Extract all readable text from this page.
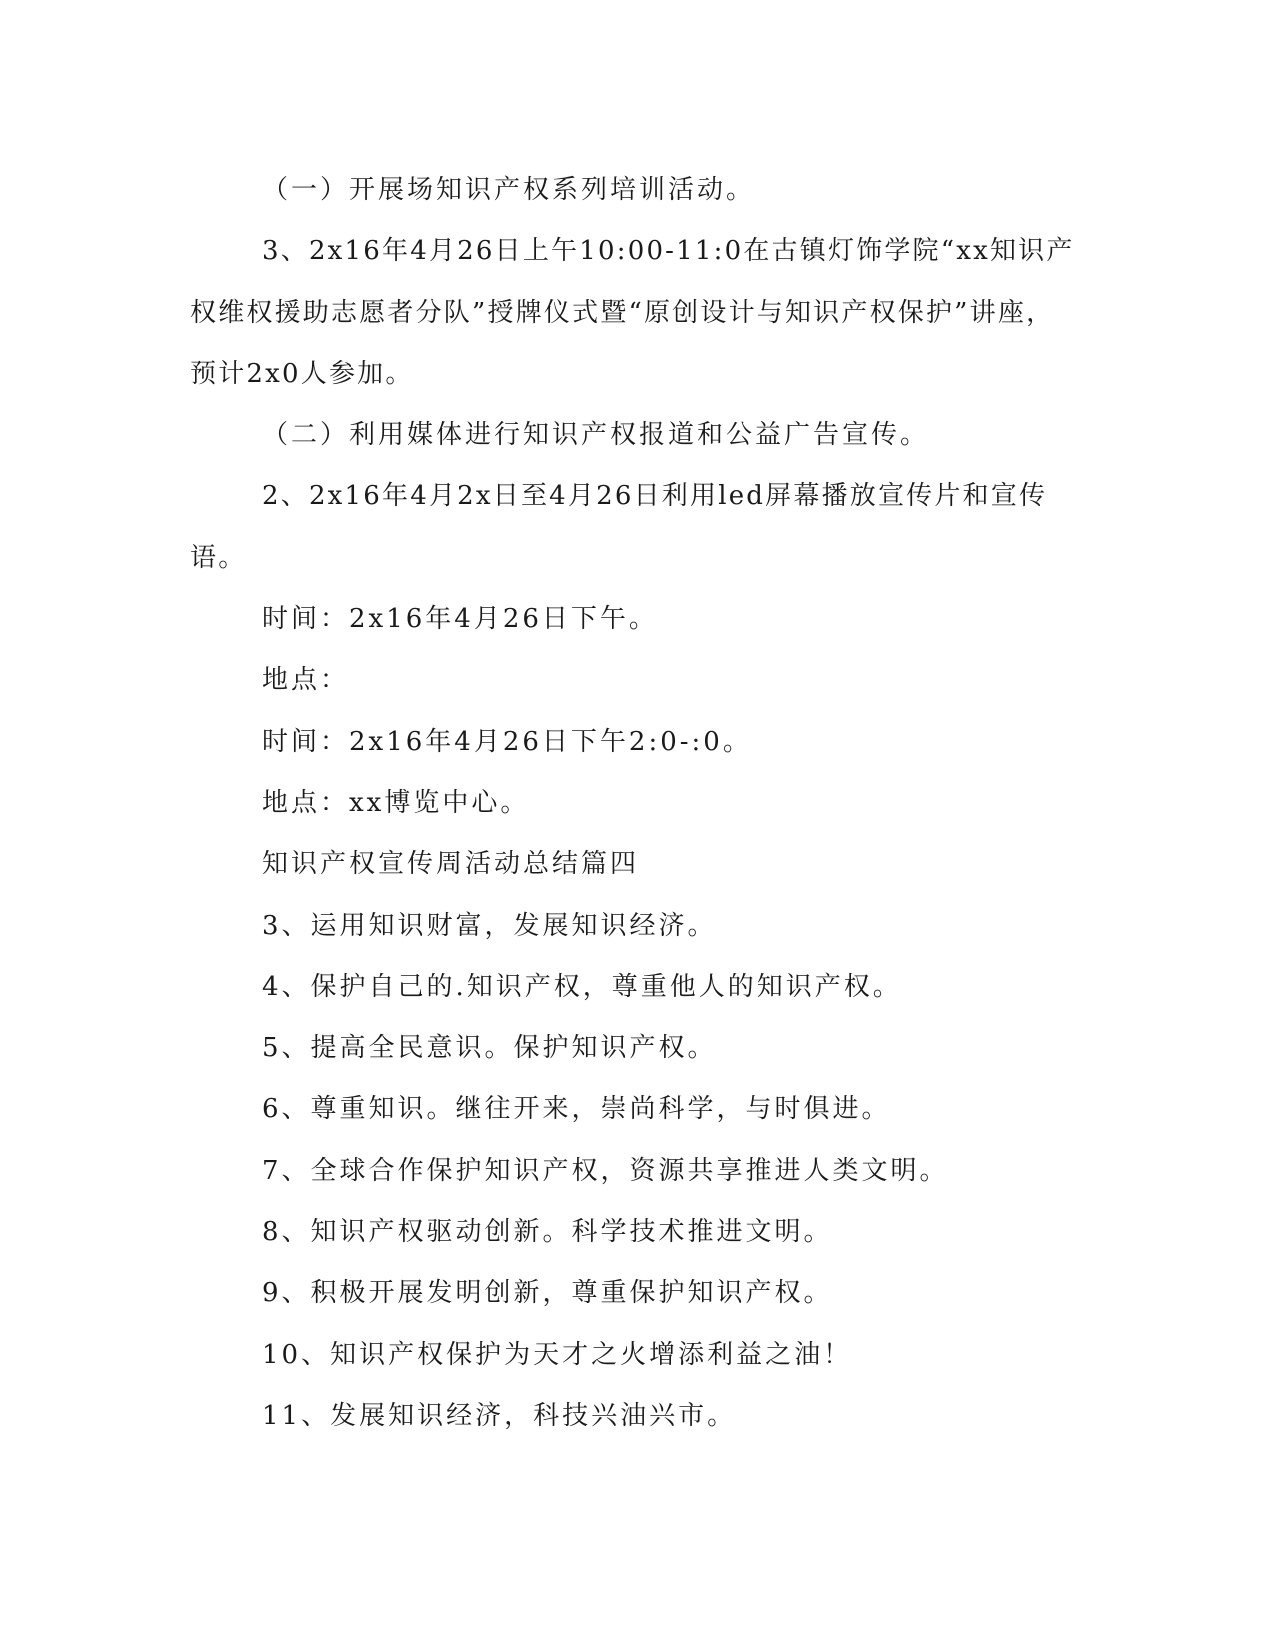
（一）开展场知识产权系列培训活动。

3、2x16年4月26日上午10:00-11:0在古镇灯饰学院“xx知识产权维权援助志愿者分队”授牌仪式暨“原创设计与知识产权保护”讲座，预计2x0人参加。

（二）利用媒体进行知识产权报道和公益广告宣传。

2、2x16年4月2x日至4月26日利用led屏幕播放宣传片和宣传语。

时间：2x16年4月26日下午。

地点：

时间：2x16年4月26日下午2:0-:0。

地点：xx博览中心。

知识产权宣传周活动总结篇四

3、运用知识财富，发展知识经济。

4、保护自己的.知识产权，尊重他人的知识产权。

5、提高全民意识。保护知识产权。

6、尊重知识。继往开来，崇尚科学，与时俱进。

7、全球合作保护知识产权，资源共享推进人类文明。

8、知识产权驱动创新。科学技术推进文明。

9、积极开展发明创新，尊重保护知识产权。

10、知识产权保护为天才之火增添利益之油！

11、发展知识经济，科技兴油兴市。
